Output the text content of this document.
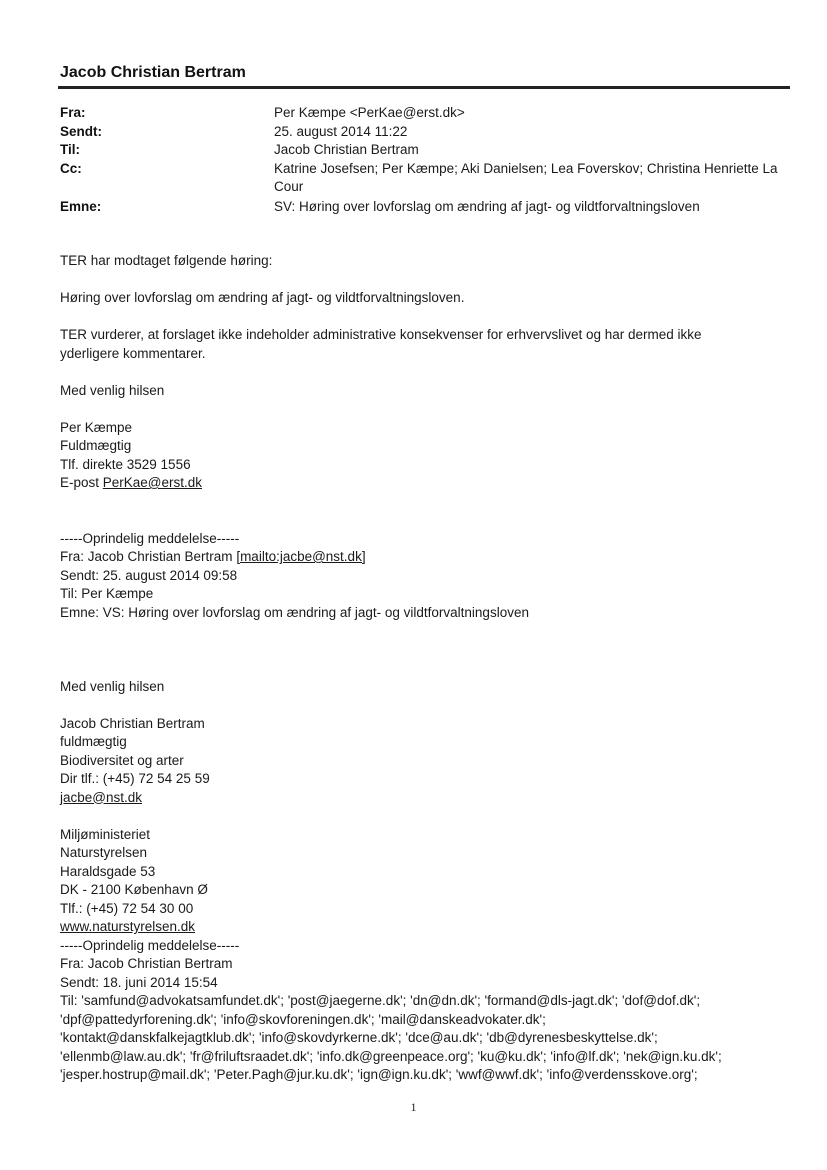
Jacob Christian Bertram
Fra:	Per Kæmpe <PerKae@erst.dk>
Sendt:	25. august 2014 11:22
Til:	Jacob Christian Bertram
Cc:	Katrine Josefsen; Per Kæmpe; Aki Danielsen; Lea Foverskov; Christina Henriette La
Cour
Emne:	SV: Høring over lovforslag om ændring af jagt- og vildtforvaltningsloven
TER har modtaget følgende høring:
Høring over lovforslag om ændring af jagt- og vildtforvaltningsloven.
TER vurderer, at forslaget ikke indeholder administrative konsekvenser for erhvervslivet og har dermed ikke
yderligere kommentarer.
Med venlig hilsen
Per Kæmpe
Fuldmægtig
Tlf. direkte 3529 1556
E-post PerKae@erst.dk
-----Oprindelig meddelelse-----
Fra: Jacob Christian Bertram [mailto:jacbe@nst.dk]
Sendt: 25. august 2014 09:58
Til: Per Kæmpe
Emne: VS: Høring over lovforslag om ændring af jagt- og vildtforvaltningsloven
Med venlig hilsen
Jacob Christian Bertram
fuldmægtig
Biodiversitet og arter
Dir tlf.: (+45) 72 54 25 59
jacbe@nst.dk
Miljøministeriet
Naturstyrelsen
Haraldsgade 53
DK - 2100 København Ø
Tlf.: (+45) 72 54 30 00
www.naturstyrelsen.dk
-----Oprindelig meddelelse-----
Fra: Jacob Christian Bertram
Sendt: 18. juni 2014 15:54
Til: 'samfund@advokatsamfundet.dk'; 'post@jaegerne.dk'; 'dn@dn.dk'; 'formand@dls-jagt.dk'; 'dof@dof.dk';
'dpf@pattedyrforening.dk'; 'info@skovforeningen.dk'; 'mail@danskeadvokater.dk';
'kontakt@danskfalkejagtklub.dk'; 'info@skovdyrkerne.dk'; 'dce@au.dk'; 'db@dyrenesbeskyttelse.dk';
'ellenmb@law.au.dk'; 'fr@friluftsraadet.dk'; 'info.dk@greenpeace.org'; 'ku@ku.dk'; 'info@lf.dk'; 'nek@ign.ku.dk';
'jesper.hostrup@mail.dk'; 'Peter.Pagh@jur.ku.dk'; 'ign@ign.ku.dk'; 'wwf@wwf.dk'; 'info@verdensskove.org';
1
